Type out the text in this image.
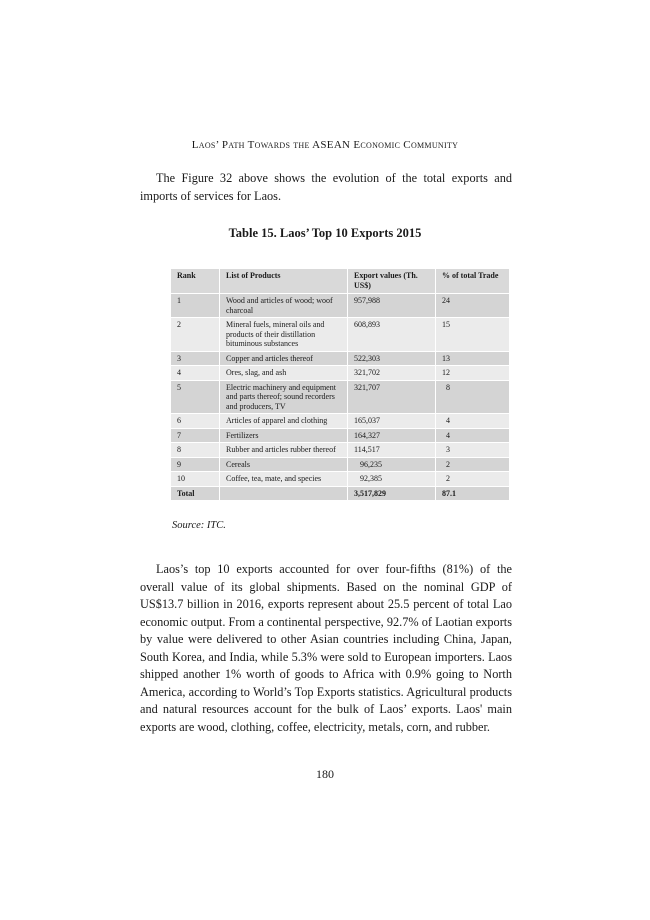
Laos’ Path Towards the ASEAN Economic Community

The Figure 32 above shows the evolution of the total exports and imports of services for Laos.

Table 15. Laos’ Top 10 Exports 2015
Rank	List of Products	Export values (Th. US$)	% of total Trade
1	Wood and articles of wood; woof charcoal	957,988	24
2	Mineral fuels, mineral oils and products of their distillation bituminous substances	608,893	15
3	Copper and articles thereof	522,303	13
4	Ores, slag, and ash	321,702	12
5	Electric machinery and equipment and parts thereof; sound recorders and producers, TV	321,707	8
6	Articles of apparel and clothing	165,037	4
7	Fertilizers	164,327	4
8	Rubber and articles rubber thereof	114,517	3
9	Cereals	96,235	2
10	Coffee, tea, mate, and species	92,385	2
Total		3,517,829	87.1
Source: ITC.

Laos’s top 10 exports accounted for over four-fifths (81%) of the overall value of its global shipments. Based on the nominal GDP of US$13.7 billion in 2016, exports represent about 25.5 percent of total Lao economic output. From a continental perspective, 92.7% of Laotian exports by value were delivered to other Asian countries including China, Japan, South Korea, and India, while 5.3% were sold to European importers. Laos shipped another 1% worth of goods to Africa with 0.9% going to North America, according to World’s Top Exports statistics. Agricultural products and natural resources account for the bulk of Laos’ exports. Laos' main exports are wood, clothing, coffee, electricity, metals, corn, and rubber.

180
